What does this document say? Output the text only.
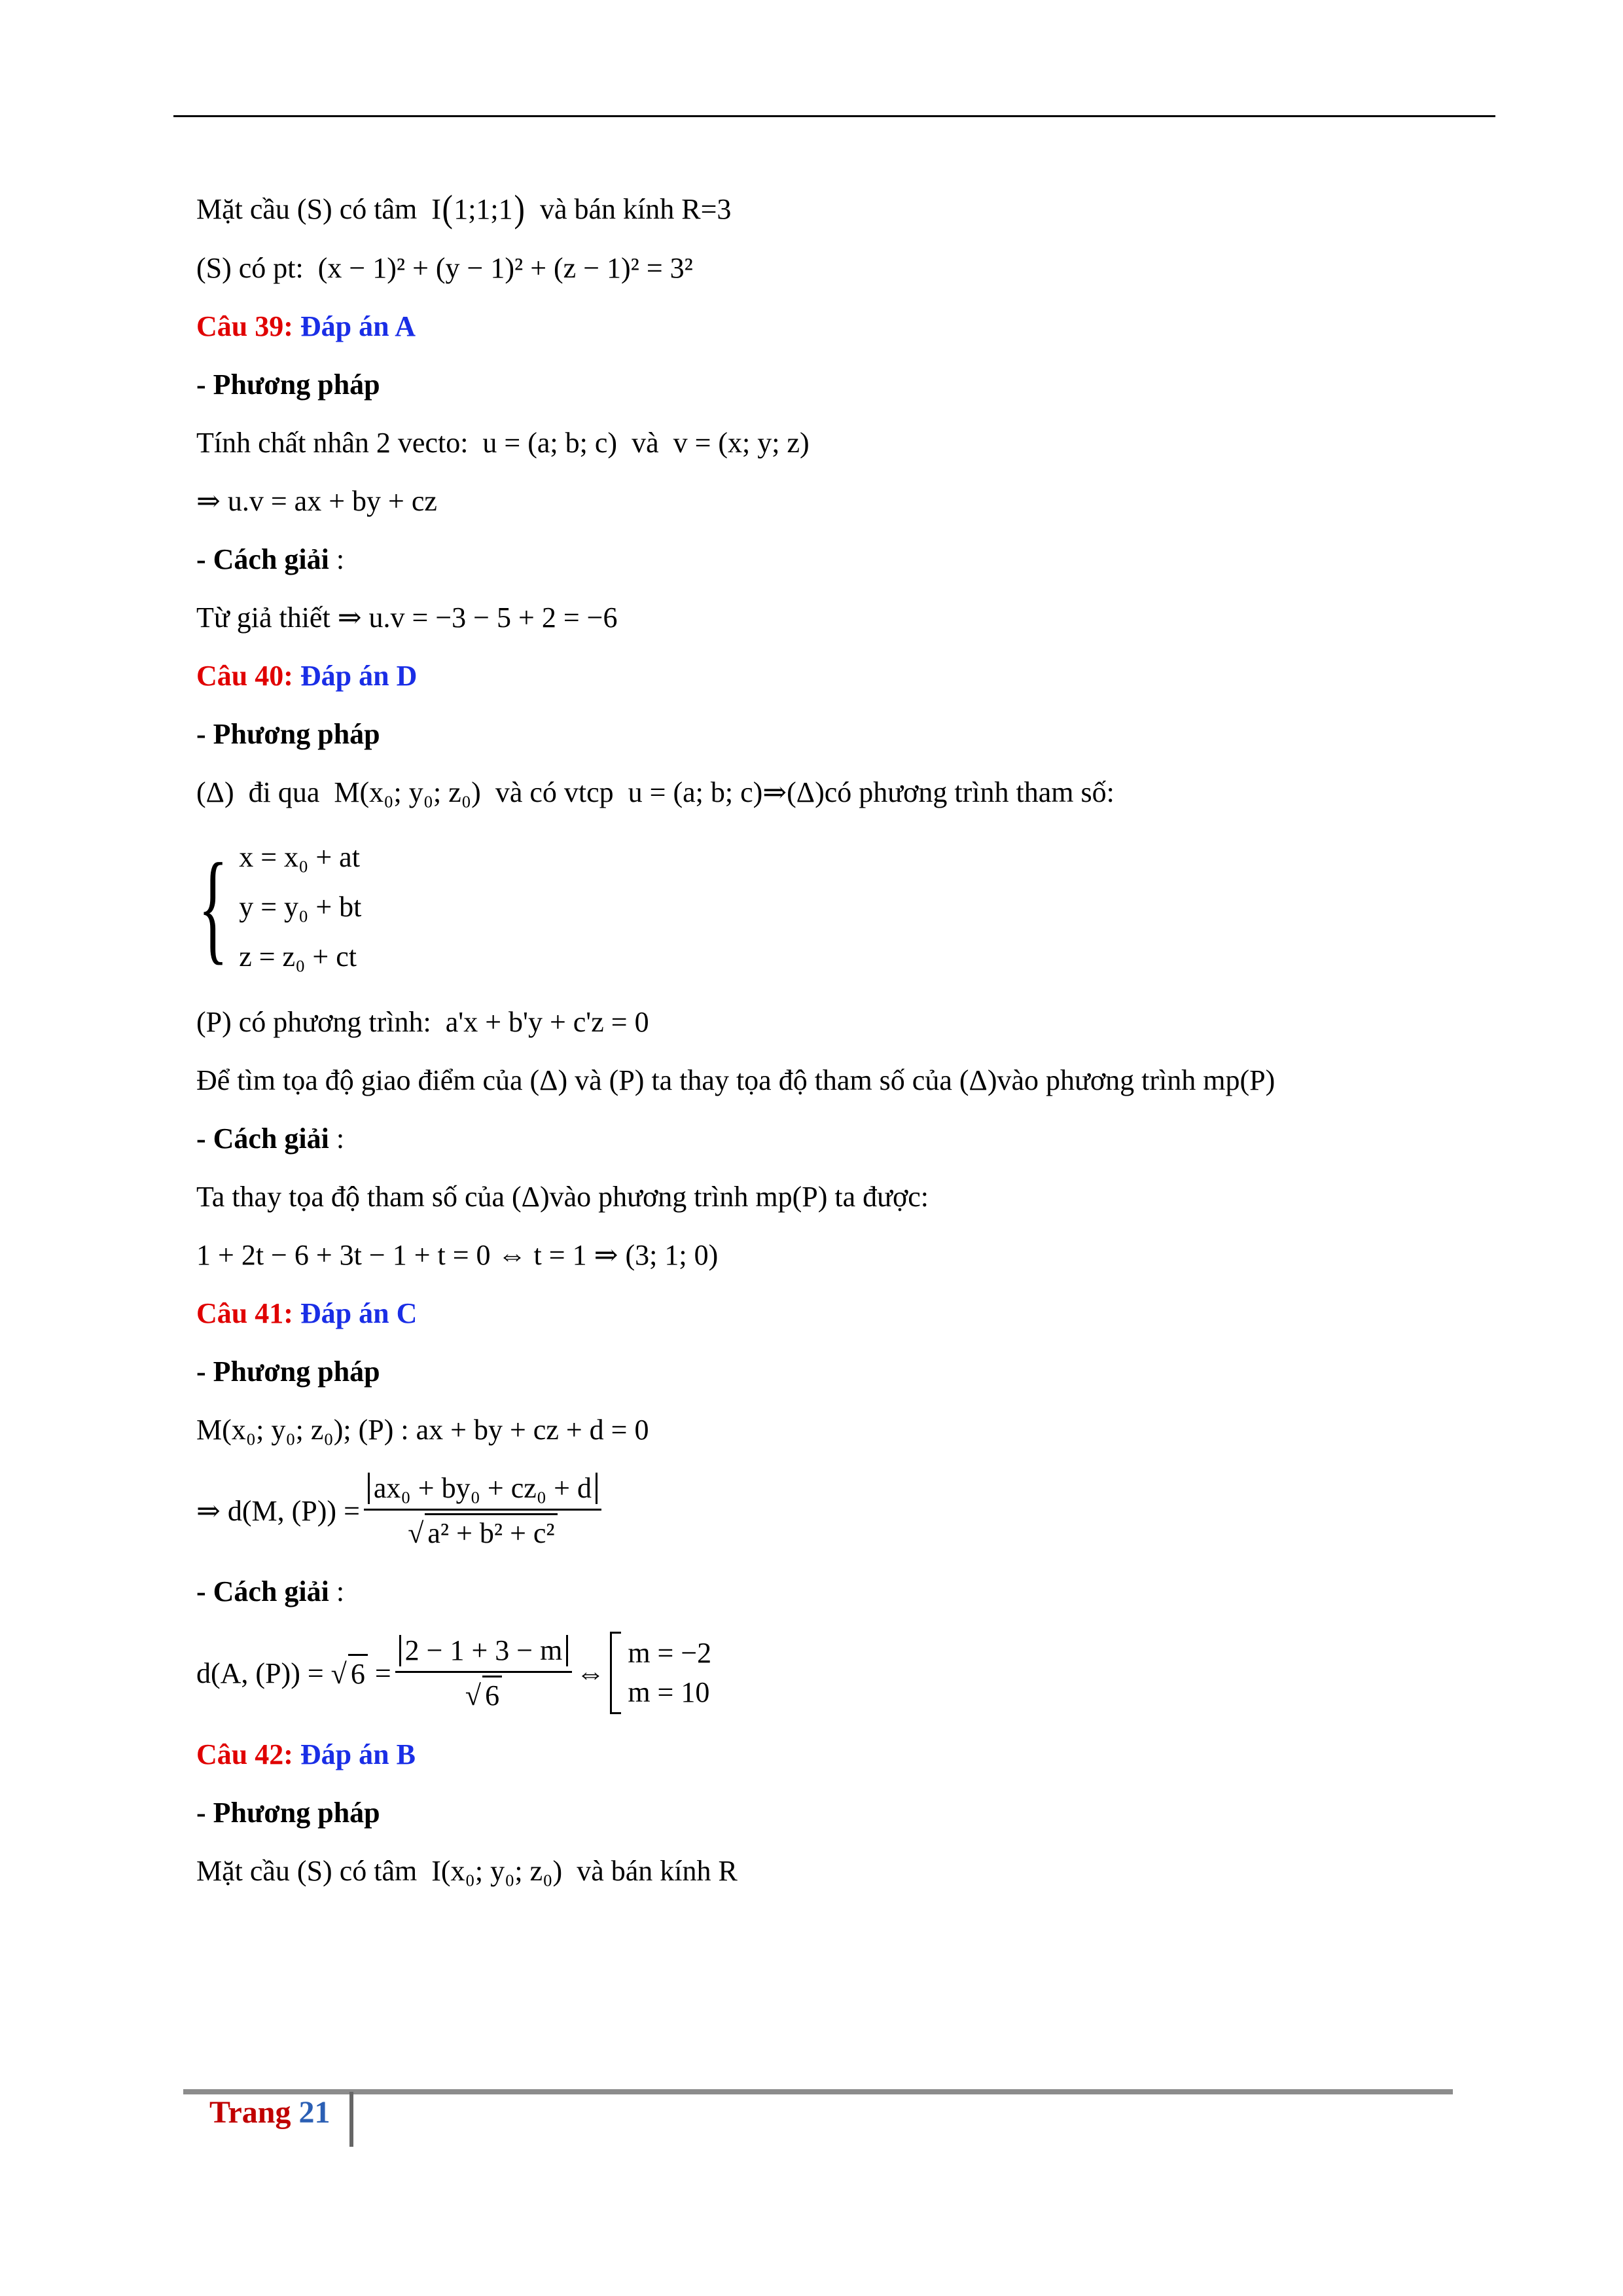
Mặt cầu (S) có tâm
I(1;1;1)
và bán kính R=3
(S) có pt:
(x − 1)² + (y − 1)² + (z − 1)² = 3²
Câu 39: Đáp án A
- Phương pháp
Tính chất nhân 2 vecto:
u = (a; b; c)
và
v = (x; y; z)
⇒ u.v = ax + by + cz
- Cách giải :
Từ giả thiết
⇒ u.v = −3 − 5 + 2 = −6
Câu 40: Đáp án D
- Phương pháp
(Δ)
đi qua
M(x₀; y₀; z₀)
và có vtcp
u = (a; b; c) ⇒ (Δ) có phương trình tham số:
{ x = x₀ + at
y = y₀ + bt
z = z₀ + ct
(P) có phương trình:
a'x + b'y + c'z = 0
Để tìm tọa độ giao điểm của
(Δ)
và (P) ta thay tọa độ tham số của
(Δ) vào phương trình mp(P)
- Cách giải :
Ta thay tọa độ tham số của
(Δ) vào phương trình mp(P) ta được:
1 + 2t − 6 + 3t − 1 + t = 0 ⇔ t = 1 ⇒ (3; 1; 0)
Câu 41: Đáp án C
- Phương pháp
M(x₀; y₀; z₀); (P) : ax + by + cz + d = 0
⇒ d(M, $(P)) = \frac{\text{ax₀ + by₀ + cz₀ + d}}{\text{√ a² + b² + c²}}$
- Cách giải :
d(A, (P)) =
√ 6
= $\frac{2 - 1 + 3 - m}{√ 6}$ ⇔
m = −2
m = 10
Câu 42: Đáp án B
- Phương pháp
Mặt cầu (S) có tâm
I(x₀; y₀; z₀)
và bán kính R
Trang 21
